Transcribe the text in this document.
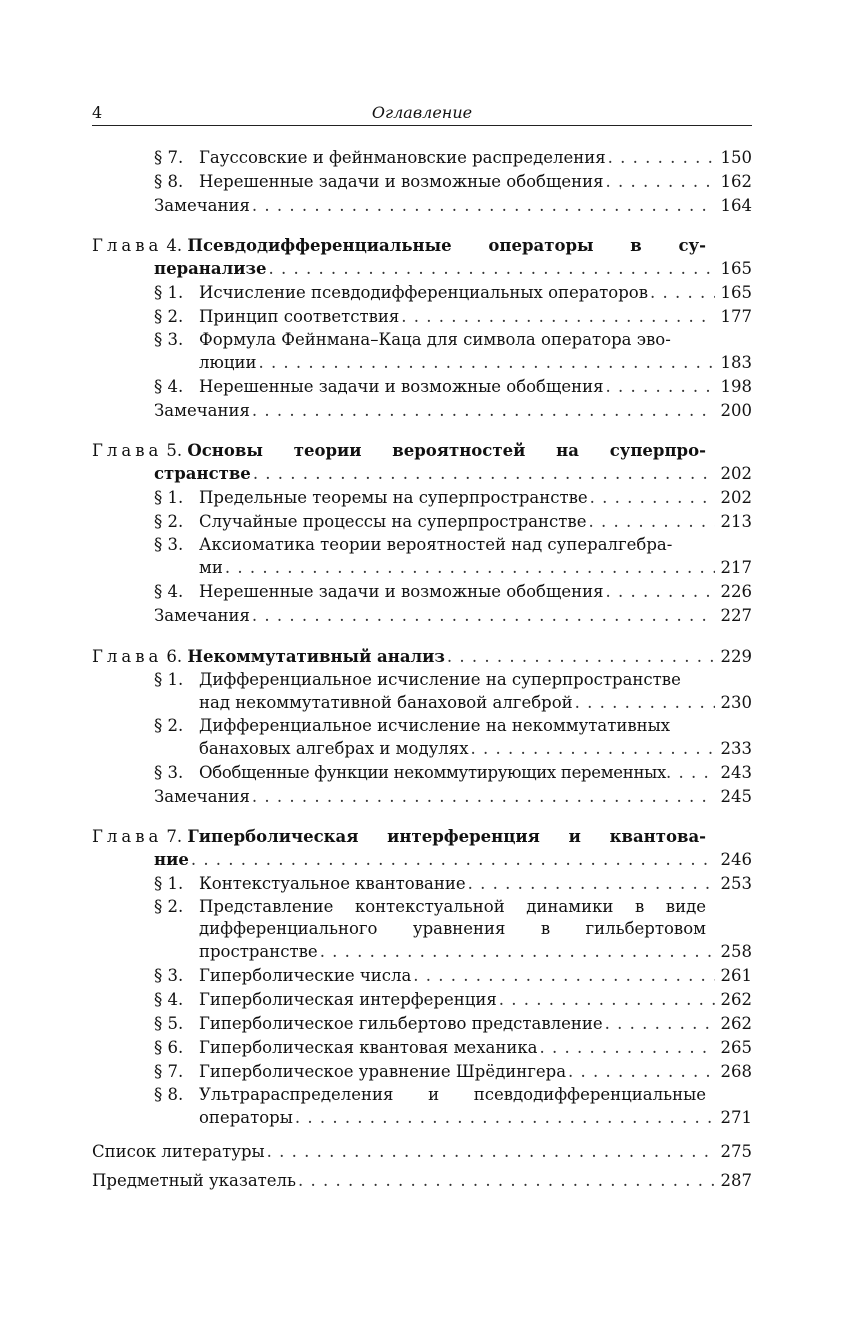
4	Оглавление
§ 7. Гауссовские и фейнмановские распределения . . .	150
§ 8. Нерешенные задачи и возможные обобщения . . .	162
Замечания . . .	164
Глава 4.
Псевдодифференциальные операторы в су-
перанализе . . .	165
§ 1. Исчисление псевдодифференциальных операторов . . .	165
§ 2. Принцип соответствия . . .	177
§ 3. Формула Фейнмана–Каца для символа оператора эво-
люции . . .	183
§ 4. Нерешенные задачи и возможные обобщения . . .	198
Замечания . . .	200
Глава 5.
Основы теории вероятностей на суперпро-
странстве . . .	202
§ 1. Предельные теоремы на суперпространстве . . .	202
§ 2. Случайные процессы на суперпространстве . . .	213
§ 3. Аксиоматика теории вероятностей над супералгебра-
ми . . .	217
§ 4. Нерешенные задачи и возможные обобщения . . .	226
Замечания . . .	227
Глава 6.
Некоммутативный анализ . . .	229
§ 1. Дифференциальное исчисление на суперпространстве
над некоммутативной банаховой алгеброй . . .	230
§ 2. Дифференциальное исчисление на некоммутативных
банаховых алгебрах и модулях . . .	233
§ 3. Обобщенные функции некоммутирующих переменных . . .	243
Замечания . . .	245
Глава 7.
Гиперболическая интерференция и квантова-
ние . . .	246
§ 1. Контекстуальное квантование . . .	253
§ 2. Представление контекстуальной динамики в виде
дифференциального уравнения в гильбертовом
пространстве . . .	258
§ 3. Гиперболические числа . . .	261
§ 4. Гиперболическая интерференция . . .	262
§ 5. Гиперболическое гильбертово представление . . .	262
§ 6. Гиперболическая квантовая механика . . .	265
§ 7. Гиперболическое уравнение Шрёдингера . . .	268
§ 8. Ультрараспределения и псевдодифференциальные
операторы . . .	271
Список литературы . . .	275
Предметный указатель . . .	287
